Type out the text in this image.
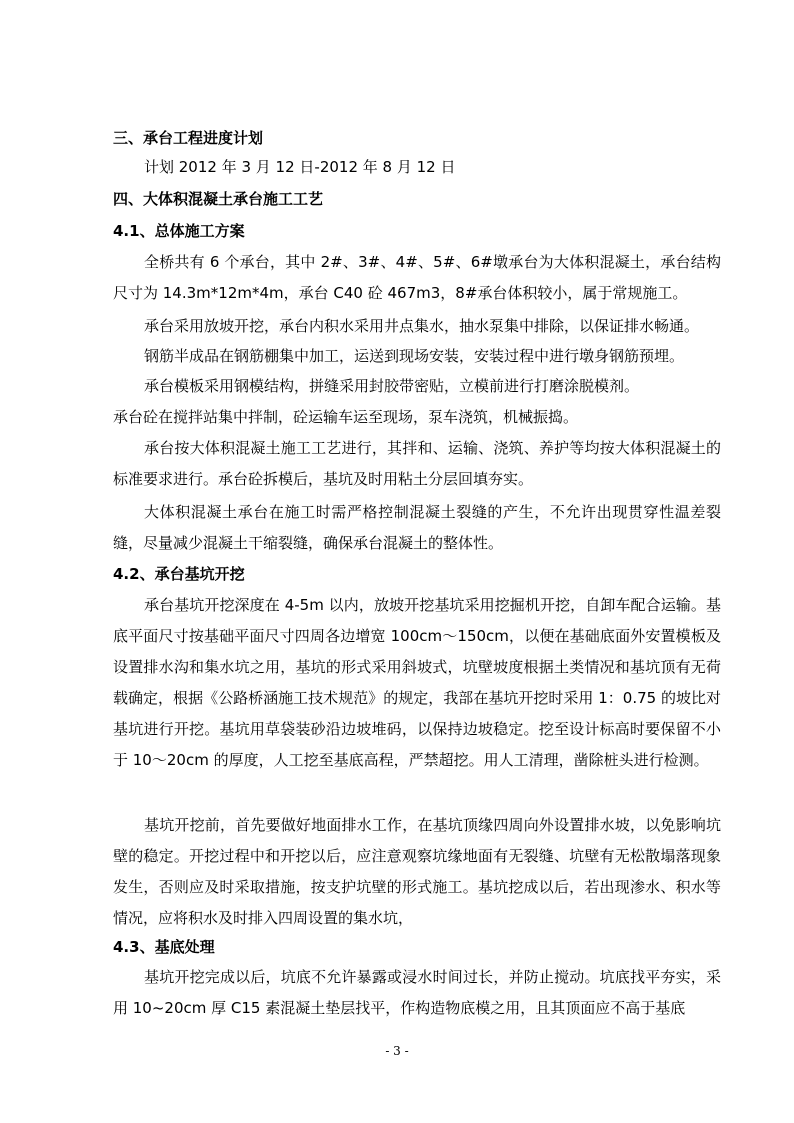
三、承台工程进度计划
计划 2012 年 3 月 12 日-2012 年 8 月 12 日
四、大体积混凝土承台施工工艺
4.1、总体施工方案
全桥共有 6 个承台，其中 2#、3#、4#、5#、6#墩承台为大体积混凝土，承台结构尺寸为 14.3m*12m*4m，承台 C40 砼 467m3，8#承台体积较小，属于常规施工。
承台采用放坡开挖，承台内积水采用井点集水，抽水泵集中排除，以保证排水畅通。
钢筋半成品在钢筋棚集中加工，运送到现场安装，安装过程中进行墩身钢筋预埋。
承台模板采用钢模结构，拼缝采用封胶带密贴，立模前进行打磨涂脱模剂。
承台砼在搅拌站集中拌制，砼运输车运至现场，泵车浇筑，机械振捣。
承台按大体积混凝土施工工艺进行，其拌和、运输、浇筑、养护等均按大体积混凝土的标准要求进行。承台砼拆模后，基坑及时用粘土分层回填夯实。
大体积混凝土承台在施工时需严格控制混凝土裂缝的产生，不允许出现贯穿性温差裂缝，尽量减少混凝土干缩裂缝，确保承台混凝土的整体性。
4.2、承台基坑开挖
承台基坑开挖深度在 4-5m 以内，放坡开挖基坑采用挖掘机开挖，自卸车配合运输。基底平面尺寸按基础平面尺寸四周各边增宽 100cm～150cm，以便在基础底面外安置模板及设置排水沟和集水坑之用，基坑的形式采用斜坡式，坑壁坡度根据土类情况和基坑顶有无荷载确定，根据《公路桥涵施工技术规范》的规定，我部在基坑开挖时采用 1：0.75 的坡比对基坑进行开挖。基坑用草袋装砂沿边坡堆码，以保持边坡稳定。挖至设计标高时要保留不小于 10～20cm 的厚度，人工挖至基底高程，严禁超挖。用人工清理，凿除桩头进行检测。
基坑开挖前，首先要做好地面排水工作，在基坑顶缘四周向外设置排水坡，以免影响坑壁的稳定。开挖过程中和开挖以后，应注意观察坑缘地面有无裂缝、坑壁有无松散塌落现象发生，否则应及时采取措施，按支护坑壁的形式施工。基坑挖成以后，若出现渗水、积水等情况，应将积水及时排入四周设置的集水坑，
4.3、基底处理
基坑开挖完成以后，坑底不允许暴露或浸水时间过长，并防止搅动。坑底找平夯实，采用 10~20cm 厚 C15 素混凝土垫层找平，作构造物底模之用，且其顶面应不高于基底
- 3 -
